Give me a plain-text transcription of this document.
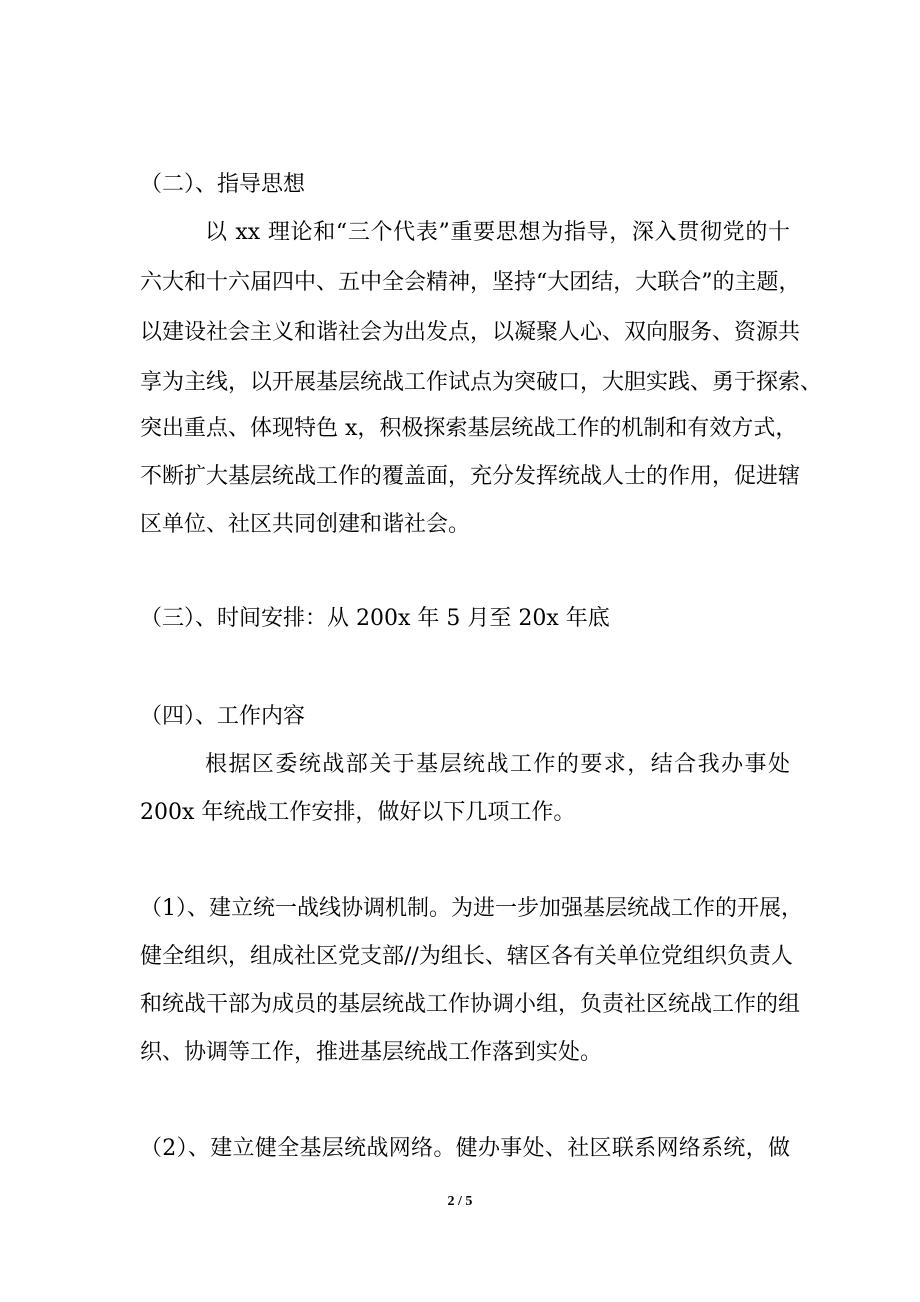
（二）、指导思想
以 xx 理论和“三个代表”重要思想为指导，深入贯彻党的十
六大和十六届四中、五中全会精神，坚持“大团结，大联合”的主题，
以建设社会主义和谐社会为出发点，以凝聚人心、双向服务、资源共
享为主线，以开展基层统战工作试点为突破口，大胆实践、勇于探索、
突出重点、体现特色 x，积极探索基层统战工作的机制和有效方式，
不断扩大基层统战工作的覆盖面，充分发挥统战人士的作用，促进辖
区单位、社区共同创建和谐社会。
（三）、时间安排：从 200x 年 5 月至 20x 年底
（四）、工作内容
根据区委统战部关于基层统战工作的要求，结合我办事处
200x 年统战工作安排，做好以下几项工作。
（1）、建立统一战线协调机制。为进一步加强基层统战工作的开展，
健全组织，组成社区党支部//为组长、辖区各有关单位党组织负责人
和统战干部为成员的基层统战工作协调小组，负责社区统战工作的组
织、协调等工作，推进基层统战工作落到实处。
（2）、建立健全基层统战网络。健办事处、社区联系网络系统，做
2 / 5
